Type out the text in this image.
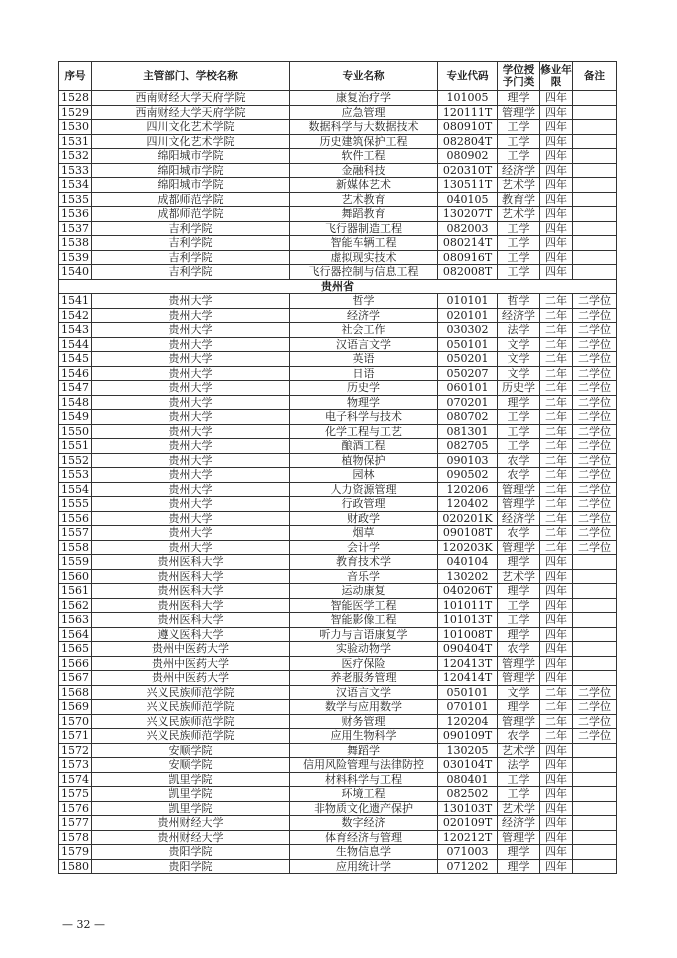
序号	主管部门、学校名称	专业名称	专业代码	学位授予门类	修业年限	备注
1528	西南财经大学天府学院	康复治疗学	101005	理学	四年	
1529	西南财经大学天府学院	应急管理	120111T	管理学	四年	
1530	四川文化艺术学院	数据科学与大数据技术	080910T	工学	四年	
1531	四川文化艺术学院	历史建筑保护工程	082804T	工学	四年	
1532	绵阳城市学院	软件工程	080902	工学	四年	
1533	绵阳城市学院	金融科技	020310T	经济学	四年	
1534	绵阳城市学院	新媒体艺术	130511T	艺术学	四年	
1535	成都师范学院	艺术教育	040105	教育学	四年	
1536	成都师范学院	舞蹈教育	130207T	艺术学	四年	
1537	吉利学院	飞行器制造工程	082003	工学	四年	
1538	吉利学院	智能车辆工程	080214T	工学	四年	
1539	吉利学院	虚拟现实技术	080916T	工学	四年	
1540	吉利学院	飞行器控制与信息工程	082008T	工学	四年	
贵州省						
1541	贵州大学	哲学	010101	哲学	二年	二学位
1542	贵州大学	经济学	020101	经济学	二年	二学位
1543	贵州大学	社会工作	030302	法学	二年	二学位
1544	贵州大学	汉语言文学	050101	文学	二年	二学位
1545	贵州大学	英语	050201	文学	二年	二学位
1546	贵州大学	日语	050207	文学	二年	二学位
1547	贵州大学	历史学	060101	历史学	二年	二学位
1548	贵州大学	物理学	070201	理学	二年	二学位
1549	贵州大学	电子科学与技术	080702	工学	二年	二学位
1550	贵州大学	化学工程与工艺	081301	工学	二年	二学位
1551	贵州大学	酿酒工程	082705	工学	二年	二学位
1552	贵州大学	植物保护	090103	农学	二年	二学位
1553	贵州大学	园林	090502	农学	二年	二学位
1554	贵州大学	人力资源管理	120206	管理学	二年	二学位
1555	贵州大学	行政管理	120402	管理学	二年	二学位
1556	贵州大学	财政学	020201K	经济学	二年	二学位
1557	贵州大学	烟草	090108T	农学	二年	二学位
1558	贵州大学	会计学	120203K	管理学	二年	二学位
1559	贵州医科大学	教育技术学	040104	理学	四年	
1560	贵州医科大学	音乐学	130202	艺术学	四年	
1561	贵州医科大学	运动康复	040206T	理学	四年	
1562	贵州医科大学	智能医学工程	101011T	工学	四年	
1563	贵州医科大学	智能影像工程	101013T	工学	四年	
1564	遵义医科大学	听力与言语康复学	101008T	理学	四年	
1565	贵州中医药大学	实验动物学	090404T	农学	四年	
1566	贵州中医药大学	医疗保险	120413T	管理学	四年	
1567	贵州中医药大学	养老服务管理	120414T	管理学	四年	
1568	兴义民族师范学院	汉语言文学	050101	文学	二年	二学位
1569	兴义民族师范学院	数学与应用数学	070101	理学	二年	二学位
1570	兴义民族师范学院	财务管理	120204	管理学	二年	二学位
1571	兴义民族师范学院	应用生物科学	090109T	农学	二年	二学位
1572	安顺学院	舞蹈学	130205	艺术学	四年	
1573	安顺学院	信用风险管理与法律防控	030104T	法学	四年	
1574	凯里学院	材料科学与工程	080401	工学	四年	
1575	凯里学院	环境工程	082502	工学	四年	
1576	凯里学院	非物质文化遗产保护	130103T	艺术学	四年	
1577	贵州财经大学	数字经济	020109T	经济学	四年	
1578	贵州财经大学	体育经济与管理	120212T	管理学	四年	
1579	贵阳学院	生物信息学	071003	理学	四年	
1580	贵阳学院	应用统计学	071202	理学	四年	
— 32 —
